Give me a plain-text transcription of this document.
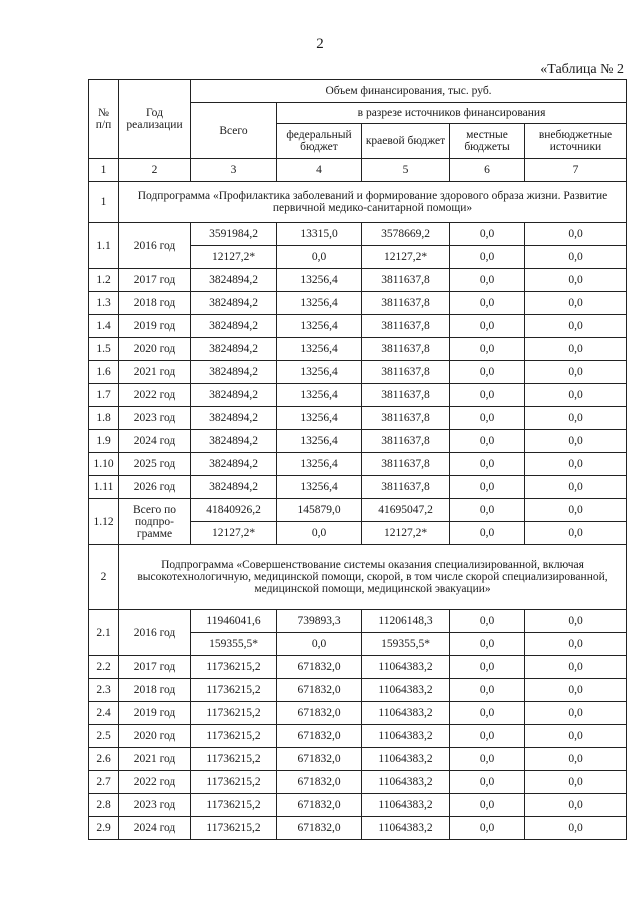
2
«Таблица № 2
№
п/п	Год реализации	Объем финансирования, тыс. руб.				
		Всего	в разрезе источников финансирования			
			федеральный бюджет	краевой бюджет	местные бюджеты	внебюджетные источники
1	2	3	4	5	6	7
1	Подпрограмма «Профилактика заболеваний и формирование здорового образа жизни. Развитие первичной медико-санитарной помощи»					
1.1	2016 год	3591984,2	13315,0	3578669,2	0,0	0,0
		12127,2*	0,0	12127,2*	0,0	0,0
1.2	2017 год	3824894,2	13256,4	3811637,8	0,0	0,0
1.3	2018 год	3824894,2	13256,4	3811637,8	0,0	0,0
1.4	2019 год	3824894,2	13256,4	3811637,8	0,0	0,0
1.5	2020 год	3824894,2	13256,4	3811637,8	0,0	0,0
1.6	2021 год	3824894,2	13256,4	3811637,8	0,0	0,0
1.7	2022 год	3824894,2	13256,4	3811637,8	0,0	0,0
1.8	2023 год	3824894,2	13256,4	3811637,8	0,0	0,0
1.9	2024 год	3824894,2	13256,4	3811637,8	0,0	0,0
1.10	2025 год	3824894,2	13256,4	3811637,8	0,0	0,0
1.11	2026 год	3824894,2	13256,4	3811637,8	0,0	0,0
1.12	Всего по подпро-грамме	41840926,2	145879,0	41695047,2	0,0	0,0
		12127,2*	0,0	12127,2*	0,0	0,0
2	Подпрограмма «Совершенствование системы оказания специализированной, включая высокотехнологичную, медицинской помощи, скорой, в том числе скорой специализированной, медицинской помощи, медицинской эвакуации»					
2.1	2016 год	11946041,6	739893,3	11206148,3	0,0	0,0
		159355,5*	0,0	159355,5*	0,0	0,0
2.2	2017 год	11736215,2	671832,0	11064383,2	0,0	0,0
2.3	2018 год	11736215,2	671832,0	11064383,2	0,0	0,0
2.4	2019 год	11736215,2	671832,0	11064383,2	0,0	0,0
2.5	2020 год	11736215,2	671832,0	11064383,2	0,0	0,0
2.6	2021 год	11736215,2	671832,0	11064383,2	0,0	0,0
2.7	2022 год	11736215,2	671832,0	11064383,2	0,0	0,0
2.8	2023 год	11736215,2	671832,0	11064383,2	0,0	0,0
2.9	2024 год	11736215,2	671832,0	11064383,2	0,0	0,0
